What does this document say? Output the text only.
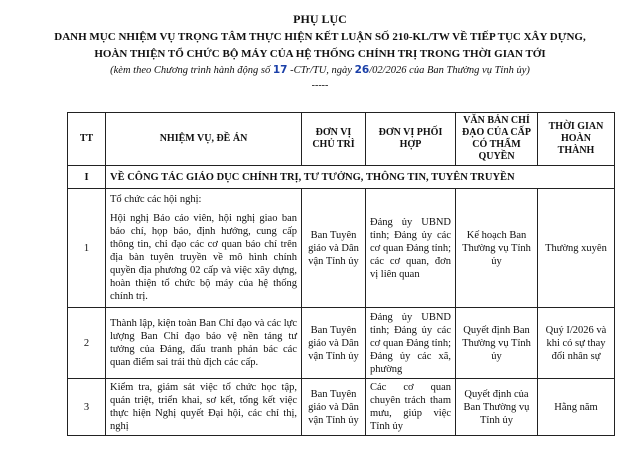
PHỤ LỤC
DANH MỤC NHIỆM VỤ TRỌNG TÂM THỰC HIỆN KẾT LUẬN SỐ 210-KL/TW VỀ TIẾP TỤC XÂY DỰNG,
HOÀN THIỆN TỔ CHỨC BỘ MÁY CỦA HỆ THỐNG CHÍNH TRỊ TRONG THỜI GIAN TỚI
(kèm theo Chương trình hành động số 17 -CTr/TU, ngày 26/02/2026 của Ban Thường vụ Tỉnh ủy)
-----
TT	NHIỆM VỤ, ĐỀ ÁN	ĐƠN VỊ CHỦ TRÌ	ĐƠN VỊ PHỐI HỢP	VĂN BẢN CHỈ ĐẠO CỦA CẤP CÓ THẨM QUYỀN	THỜI GIAN HOÀN THÀNH
I	VỀ CÔNG TÁC GIÁO DỤC CHÍNH TRỊ, TƯ TƯỞNG, THÔNG TIN, TUYÊN TRUYỀN				
1	Tổ chức các hội nghị:
Hội nghị Báo cáo viên, hội nghị giao ban báo chí, họp báo, định hướng, cung cấp thông tin, chỉ đạo các cơ quan báo chí trên địa bàn tuyên truyền về mô hình chính quyền địa phương 02 cấp và việc xây dựng, hoàn thiện tổ chức bộ máy của hệ thống chính trị.	Ban Tuyên giáo và Dân vận Tỉnh ủy	Đảng ủy UBND tỉnh; Đảng ủy các cơ quan Đảng tỉnh; các cơ quan, đơn vị liên quan	Kế hoạch Ban Thường vụ Tỉnh ủy	Thường xuyên
2	Thành lập, kiện toàn Ban Chỉ đạo và các lực lượng Ban Chỉ đạo bảo vệ nền tảng tư tưởng của Đảng, đấu tranh phản bác các quan điểm sai trái thù địch các cấp.	Ban Tuyên giáo và Dân vận Tỉnh ủy	Đảng ủy UBND tỉnh; Đảng ủy các cơ quan Đảng tỉnh; Đảng ủy các xã, phường	Quyết định Ban Thường vụ Tỉnh ủy	Quý I/2026 và khi có sự thay đổi nhân sự
3	Kiểm tra, giám sát việc tổ chức học tập, quán triệt, triển khai, sơ kết, tổng kết việc thực hiện Nghị quyết Đại hội, các chỉ thị, nghị	Ban Tuyên giáo và Dân vận Tỉnh ủy	Các cơ quan chuyên trách tham mưu, giúp việc Tỉnh ủy	Quyết định của Ban Thường vụ Tỉnh ủy	Hằng năm
